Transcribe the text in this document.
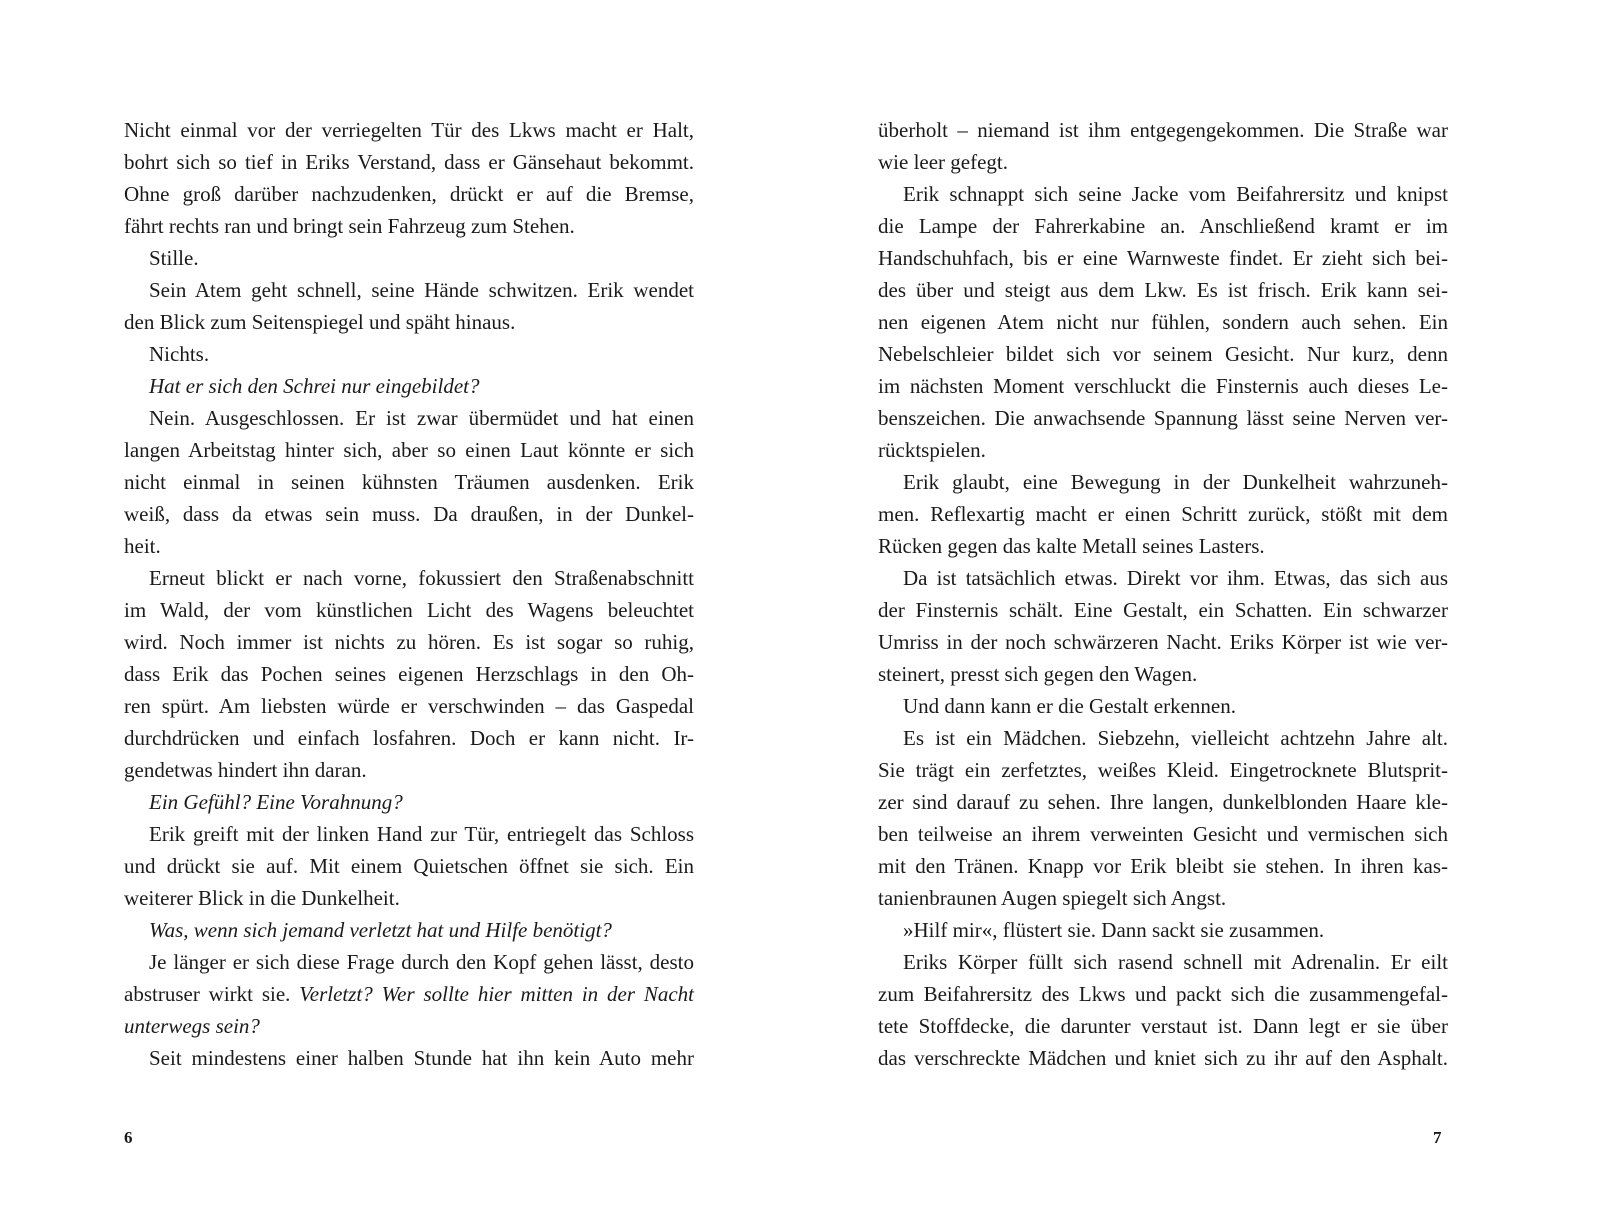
Nicht einmal vor der verriegelten Tür des Lkws macht er Halt,
bohrt sich so tief in Eriks Verstand, dass er Gänsehaut bekommt.
Ohne groß darüber nachzudenken, drückt er auf die Bremse,
fährt rechts ran und bringt sein Fahrzeug zum Stehen.
Stille.
Sein Atem geht schnell, seine Hände schwitzen. Erik wendet
den Blick zum Seitenspiegel und späht hinaus.
Nichts.
Hat er sich den Schrei nur eingebildet?
Nein. Ausgeschlossen. Er ist zwar übermüdet und hat einen
langen Arbeitstag hinter sich, aber so einen Laut könnte er sich
nicht einmal in seinen kühnsten Träumen ausdenken. Erik
weiß, dass da etwas sein muss. Da draußen, in der Dunkel-
heit.
Erneut blickt er nach vorne, fokussiert den Straßenabschnitt
im Wald, der vom künstlichen Licht des Wagens beleuchtet
wird. Noch immer ist nichts zu hören. Es ist sogar so ruhig,
dass Erik das Pochen seines eigenen Herzschlags in den Oh-
ren spürt. Am liebsten würde er verschwinden – das Gaspedal
durchdrücken und einfach losfahren. Doch er kann nicht. Ir-
gendetwas hindert ihn daran.
Ein Gefühl? Eine Vorahnung?
Erik greift mit der linken Hand zur Tür, entriegelt das Schloss
und drückt sie auf. Mit einem Quietschen öffnet sie sich. Ein
weiterer Blick in die Dunkelheit.
Was, wenn sich jemand verletzt hat und Hilfe benötigt?
Je länger er sich diese Frage durch den Kopf gehen lässt, desto
abstruser wirkt sie. Verletzt? Wer sollte hier mitten in der Nacht
unterwegs sein?
Seit mindestens einer halben Stunde hat ihn kein Auto mehr
überholt – niemand ist ihm entgegengekommen. Die Straße war
wie leer gefegt.
Erik schnappt sich seine Jacke vom Beifahrersitz und knipst
die Lampe der Fahrerkabine an. Anschließend kramt er im
Handschuhfach, bis er eine Warnweste findet. Er zieht sich bei-
des über und steigt aus dem Lkw. Es ist frisch. Erik kann sei-
nen eigenen Atem nicht nur fühlen, sondern auch sehen. Ein
Nebelschleier bildet sich vor seinem Gesicht. Nur kurz, denn
im nächsten Moment verschluckt die Finsternis auch dieses Le-
benszeichen. Die anwachsende Spannung lässt seine Nerven ver-
rücktspielen.
Erik glaubt, eine Bewegung in der Dunkelheit wahrzuneh-
men. Reflexartig macht er einen Schritt zurück, stößt mit dem
Rücken gegen das kalte Metall seines Lasters.
Da ist tatsächlich etwas. Direkt vor ihm. Etwas, das sich aus
der Finsternis schält. Eine Gestalt, ein Schatten. Ein schwarzer
Umriss in der noch schwärzeren Nacht. Eriks Körper ist wie ver-
steinert, presst sich gegen den Wagen.
Und dann kann er die Gestalt erkennen.
Es ist ein Mädchen. Siebzehn, vielleicht achtzehn Jahre alt.
Sie trägt ein zerfetztes, weißes Kleid. Eingetrocknete Blutsprit-
zer sind darauf zu sehen. Ihre langen, dunkelblonden Haare kle-
ben teilweise an ihrem verweinten Gesicht und vermischen sich
mit den Tränen. Knapp vor Erik bleibt sie stehen. In ihren kas-
tanienbraunen Augen spiegelt sich Angst.
»Hilf mir«, flüstert sie. Dann sackt sie zusammen.
Eriks Körper füllt sich rasend schnell mit Adrenalin. Er eilt
zum Beifahrersitz des Lkws und packt sich die zusammengefal-
tete Stoffdecke, die darunter verstaut ist. Dann legt er sie über
das verschreckte Mädchen und kniet sich zu ihr auf den Asphalt.
6	7
